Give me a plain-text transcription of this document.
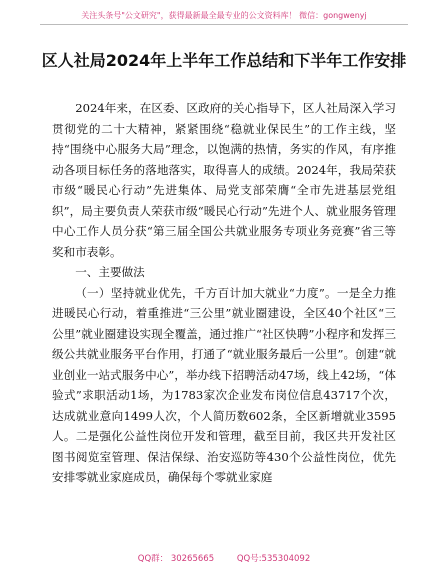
关注头条号"公文研究"，获得最新最全最专业的公文资料库！ 微信：gongwenyj
区人社局2024年上半年工作总结和下半年工作安排

2024年来，在区委、区政府的关心指导下，区人社局深入学习贯彻党的二十大精神，紧紧围绕“稳就业保民生”的工作主线，坚持“围绕中心服务大局”理念，以饱满的热情，务实的作风，有序推动各项目标任务的落地落实，取得喜人的成绩。2024年，我局荣获市级“暖民心行动”先进集体、局党支部荣膺“全市先进基层党组织”，局主要负责人荣获市级“暖民心行动”先进个人、就业服务管理中心工作人员分获“第三届全国公共就业服务专项业务竞赛”省三等奖和市表彰。

一、主要做法

（一）坚持就业优先，千方百计加大就业“力度”。一是全力推进暖民心行动，着重推进“三公里”就业圈建设，全区40个社区“三公里”就业圈建设实现全覆盖，通过推广“社区快聘”小程序和发挥三级公共就业服务平台作用，打通了“就业服务最后一公里”。创建“就业创业一站式服务中心”，举办线下招聘活动47场，线上42场，“体验式”求职活动1场，为1783家次企业发布岗位信息43717个次，达成就业意向1499人次，个人简历数602条，全区新增就业3595人。二是强化公益性岗位开发和管理，截至目前，我区共开发社区图书阅览室管理、保洁保绿、治安巡防等430个公益性岗位，优先安排零就业家庭成员，确保每个零就业家庭

QQ群： 30265665	QQ号:535304092
